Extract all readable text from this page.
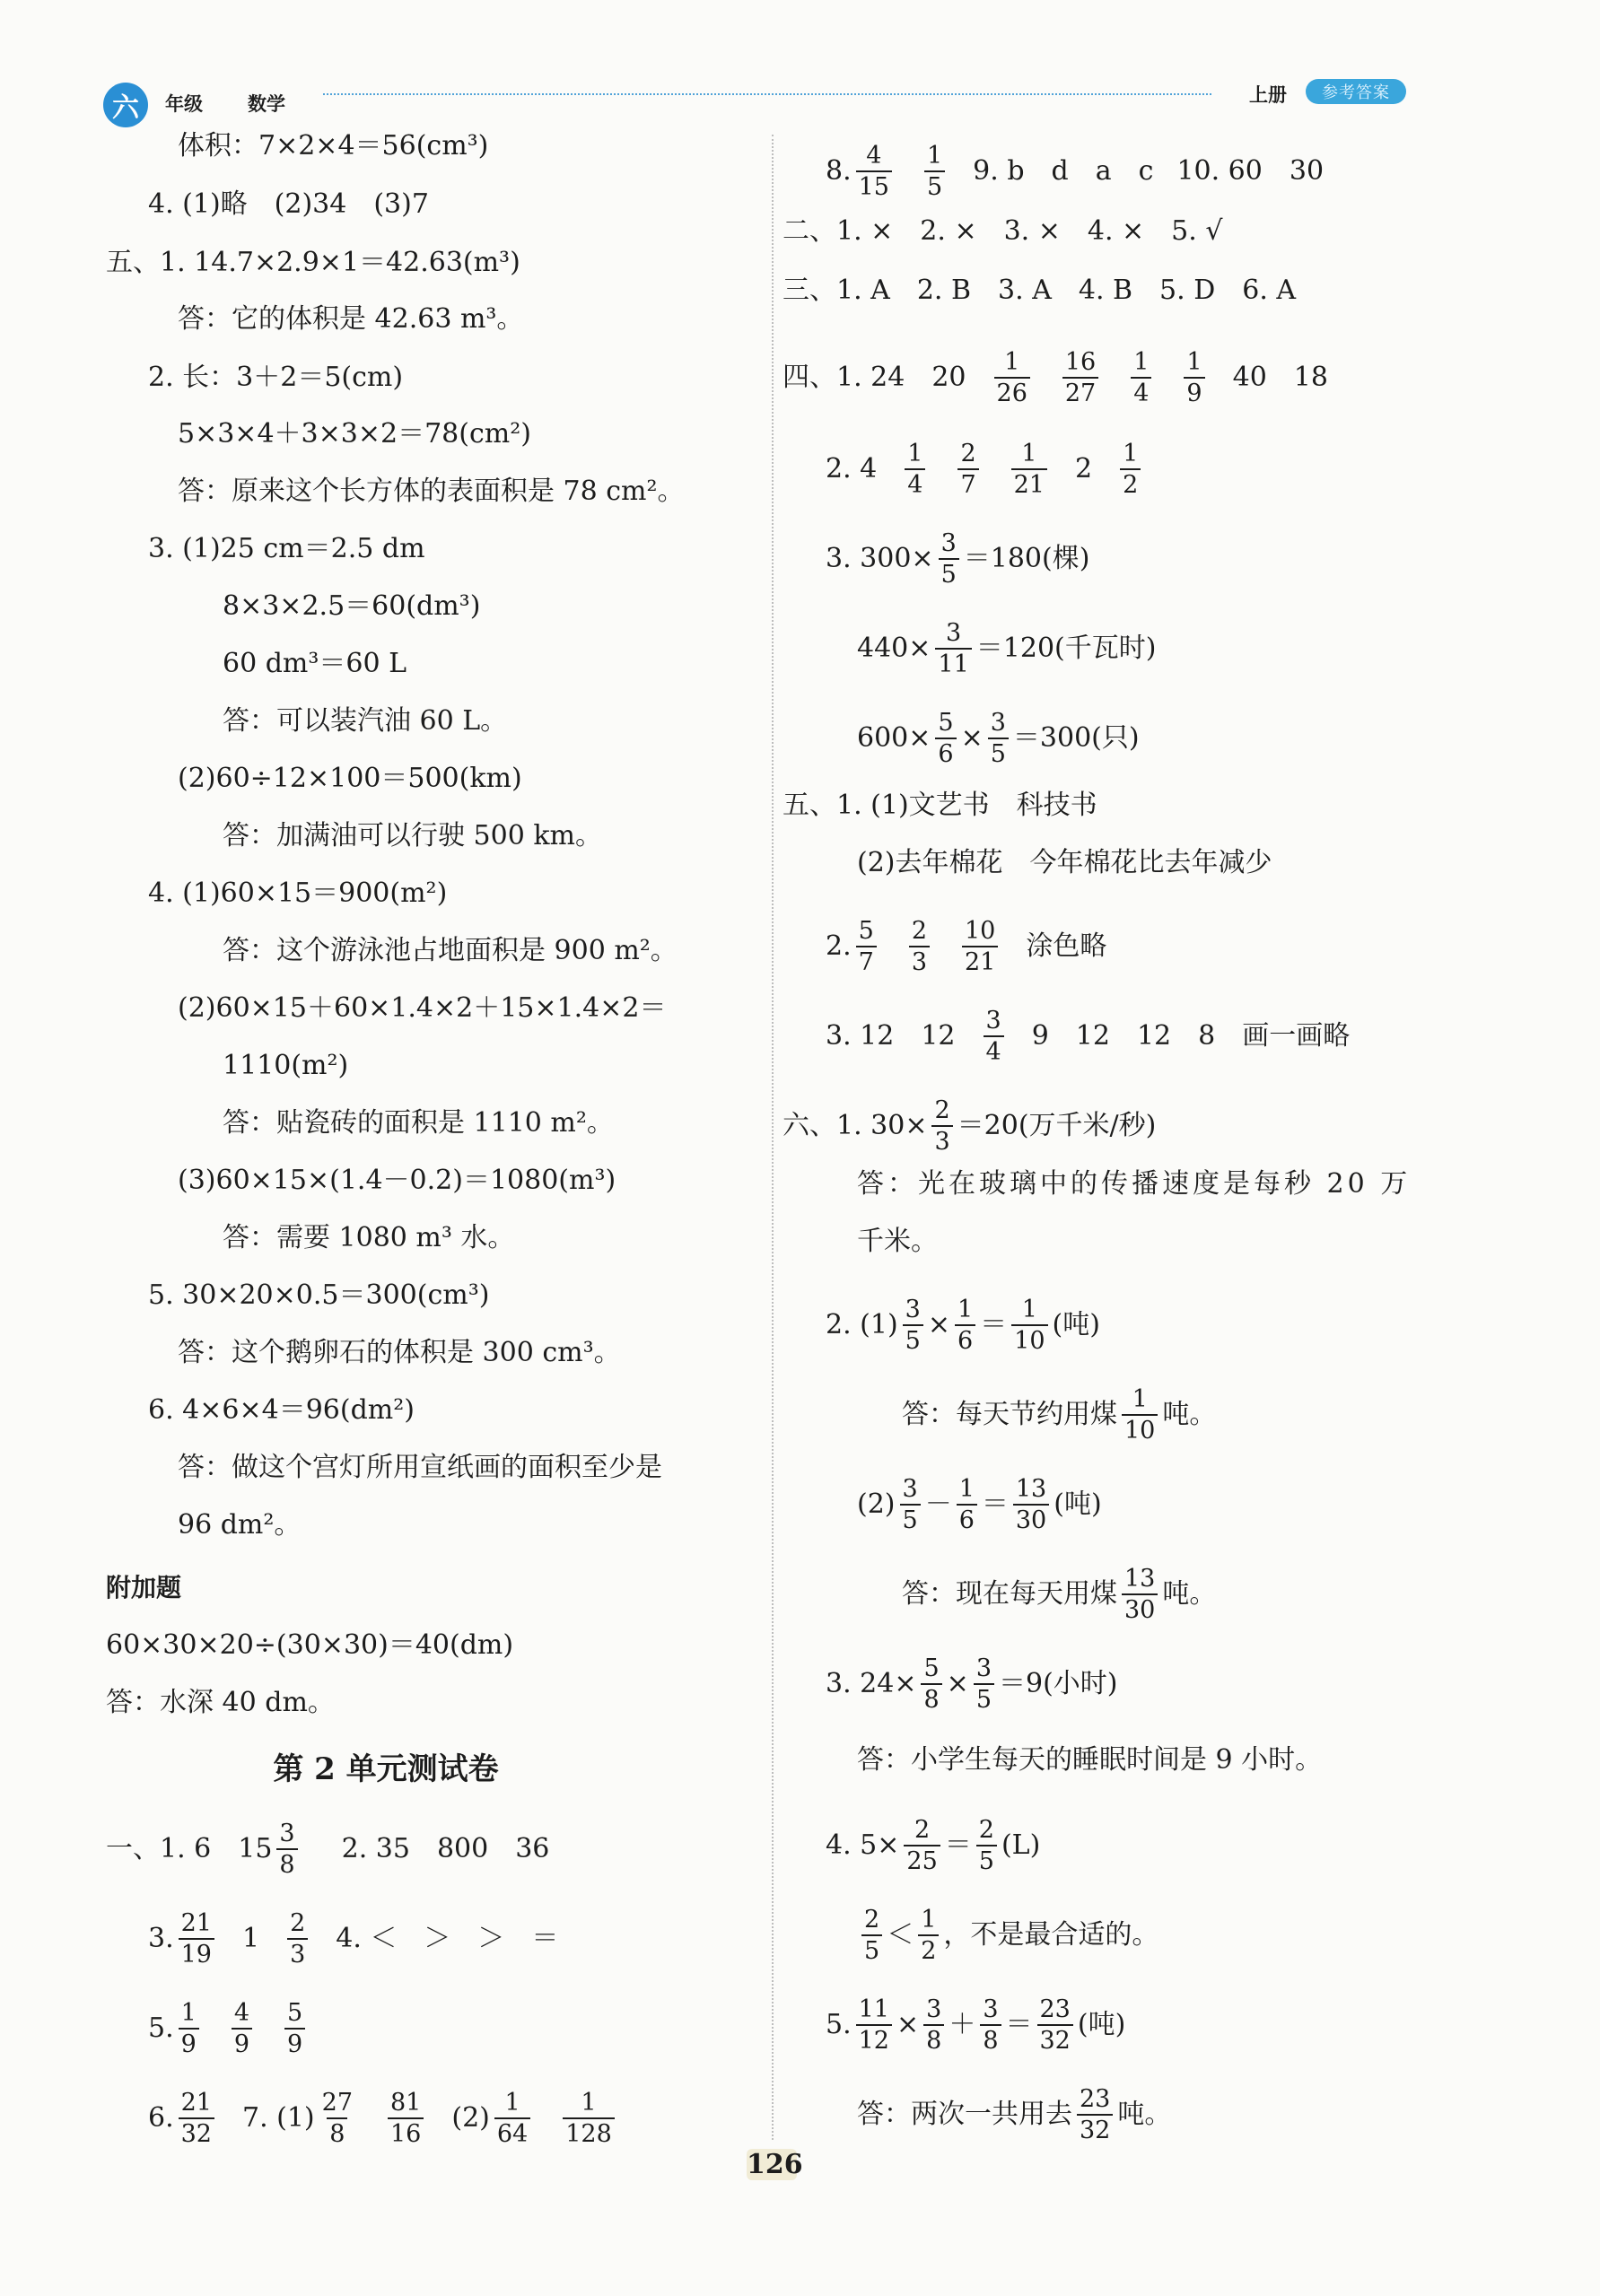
六	年级 数学	上册	参考答案
体积：7×2×4＝56(cm³)
4. (1)略　(2)34　(3)7
五、1. 14.7×2.9×1＝42.63(m³)
答：它的体积是 42.63 m³。
2. 长：3＋2＝5(cm)
5×3×4＋3×3×2＝78(cm²)
答：原来这个长方体的表面积是 78 cm²。
3. (1)25 cm＝2.5 dm
8×3×2.5＝60(dm³)
60 dm³＝60 L
答：可以装汽油 60 L。
(2)60÷12×100＝500(km)
答：加满油可以行驶 500 km。
4. (1)60×15＝900(m²)
答：这个游泳池占地面积是 900 m²。
(2)60×15＋60×1.4×2＋15×1.4×2＝
1110(m²)
答：贴瓷砖的面积是 1110 m²。
(3)60×15×(1.4－0.2)＝1080(m³)
答：需要 1080 m³ 水。
5. 30×20×0.5＝300(cm³)
答：这个鹅卵石的体积是 300 cm³。
6. 4×6×4＝96(dm²)
答：做这个宫灯所用宣纸画的面积至少是
96 dm²。
附加题
60×30×20÷(30×30)＝40(dm)
答：水深 40 dm。
第 2 单元测试卷
一、1. 6　$15 \frac{3}{8} 2$. 35　800　36
3. $\frac{21}{19} 1 \frac{2}{3} 4$. ＜　＞　＞　＝
5. $\frac{1}{9} \frac{4}{9} \frac{5}{9}$
6. $\frac{21}{32} 7$. $(1) \frac{27}{8} \frac{81}{16} (2) \frac{1}{64} \frac{1}{128}$
8. $\frac{4}{15} \frac{1}{5} 9$. b　d　a　c 10. 60　30
二、1. ×　2. ×　3. ×　4. ×　5. √
三、1. A　2. B　3. A　4. B　5. D　6. A
四、1. 24　$20 \frac{1}{26} \frac{16}{27} \frac{1}{4} \frac{1}{9} 40$　18
2. $4 \frac{1}{4} \frac{2}{7} \frac{1}{21} 2 \frac{1}{2}$
3. $300\times \frac{3}{5} =180$(棵)
$440\times \frac{3}{11} =120$(千瓦时)
$600\times \frac{5}{6} \times \frac{3}{5} =300$(只)
五、1. (1)文艺书　科技书
(2)去年棉花　今年棉花比去年减少
2. $\frac{5}{7} \frac{2}{3} \frac{10}{21}$ 涂色略
3. 12　$12 \frac{3}{4} 9$　12　12　8　画一画略
六、1. $30\times \frac{2}{3} =20$(万千米/秒)
答：光在玻璃中的传播速度是每秒 20 万
千米。
2. $(1) \frac{3}{5} \times \frac{1}{6} = \frac{1}{10}$ (吨)
答：每天节约用煤 $\frac{1}{10}$ 吨。
$(2) \frac{3}{5} - \frac{1}{6} = \frac{13}{30}$ (吨)
答：现在每天用煤 $\frac{13}{30}$ 吨。
3. $24\times \frac{5}{8} \times \frac{3}{5} =9$(小时)
答：小学生每天的睡眠时间是 9 小时。
4. $5\times \frac{2}{25} = \frac{2}{5} (L)$
$\frac{2}{5} < \frac{1}{2}$ ，不是最合适的。
5. $\frac{11}{12} \times \frac{3}{8} + \frac{3}{8} = \frac{23}{32}$ (吨)
答：两次一共用去 $\frac{23}{32}$ 吨。
126
